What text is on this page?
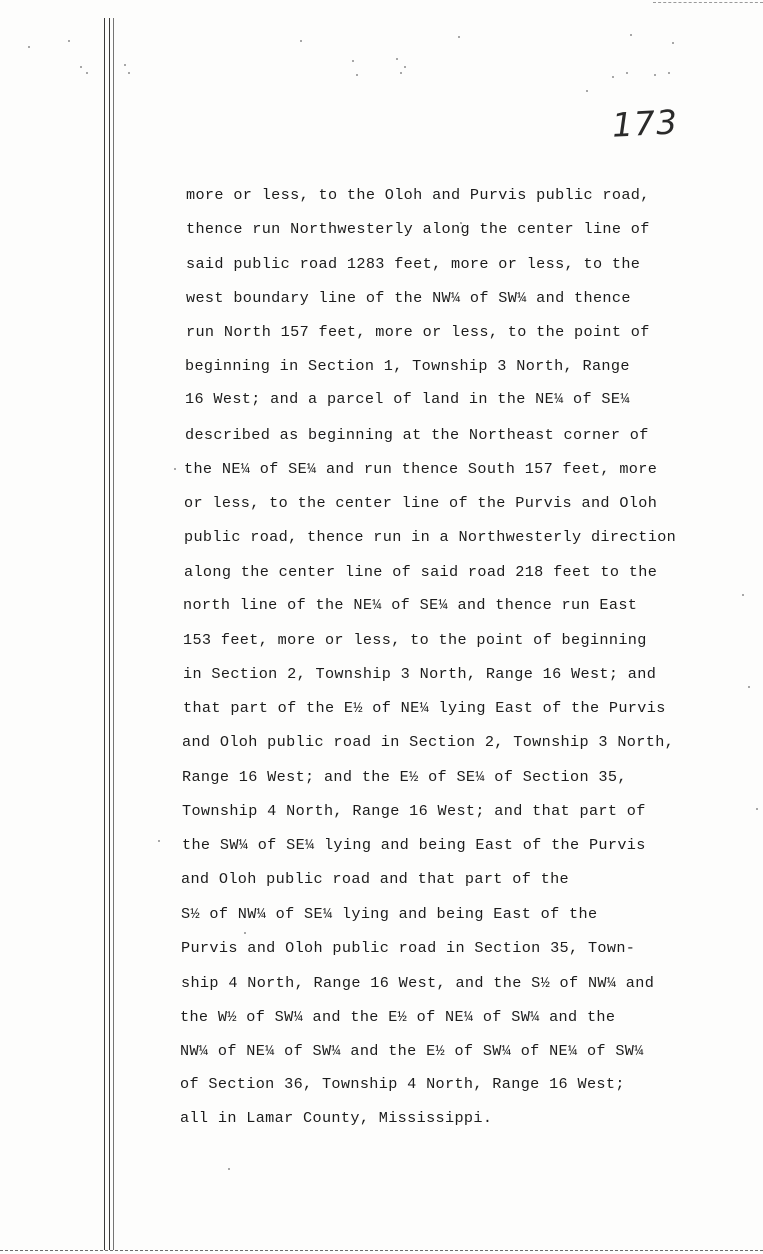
173
more or less, to the Oloh and Purvis public road,
thence run Northwesterly along the center line of
said public road 1283 feet, more or less, to the
west boundary line of the NW¼ of SW¼ and thence
run North 157 feet, more or less, to the point of
beginning in Section 1, Township 3 North, Range
16 West; and a parcel of land in the NE¼ of SE¼
described as beginning at the Northeast corner of
the NE¼ of SE¼ and run thence South 157 feet, more
or less, to the center line of the Purvis and Oloh
public road, thence run in a Northwesterly direction
along the center line of said road 218 feet to the
north line of the NE¼ of SE¼ and thence run East
153 feet, more or less, to the point of beginning
in Section 2, Township 3 North, Range 16 West; and
that part of the E½ of NE¼ lying East of the Purvis
and Oloh public road in Section 2, Township 3 North,
Range 16 West; and the E½ of SE¼ of Section 35,
Township 4 North, Range 16 West; and that part of
the SW¼ of SE¼ lying and being East of the Purvis
and Oloh public road and that part of the
S½ of NW¼ of SE¼ lying and being East of the
Purvis and Oloh public road in Section 35, Town-
ship 4 North, Range 16 West, and the S½ of NW¼ and
the W½ of SW¼ and the E½ of NE¼ of SW¼ and the
NW¼ of NE¼ of SW¼ and the E½ of SW¼ of NE¼ of SW¼
of Section 36, Township 4 North, Range 16 West;
all in Lamar County, Mississippi.
